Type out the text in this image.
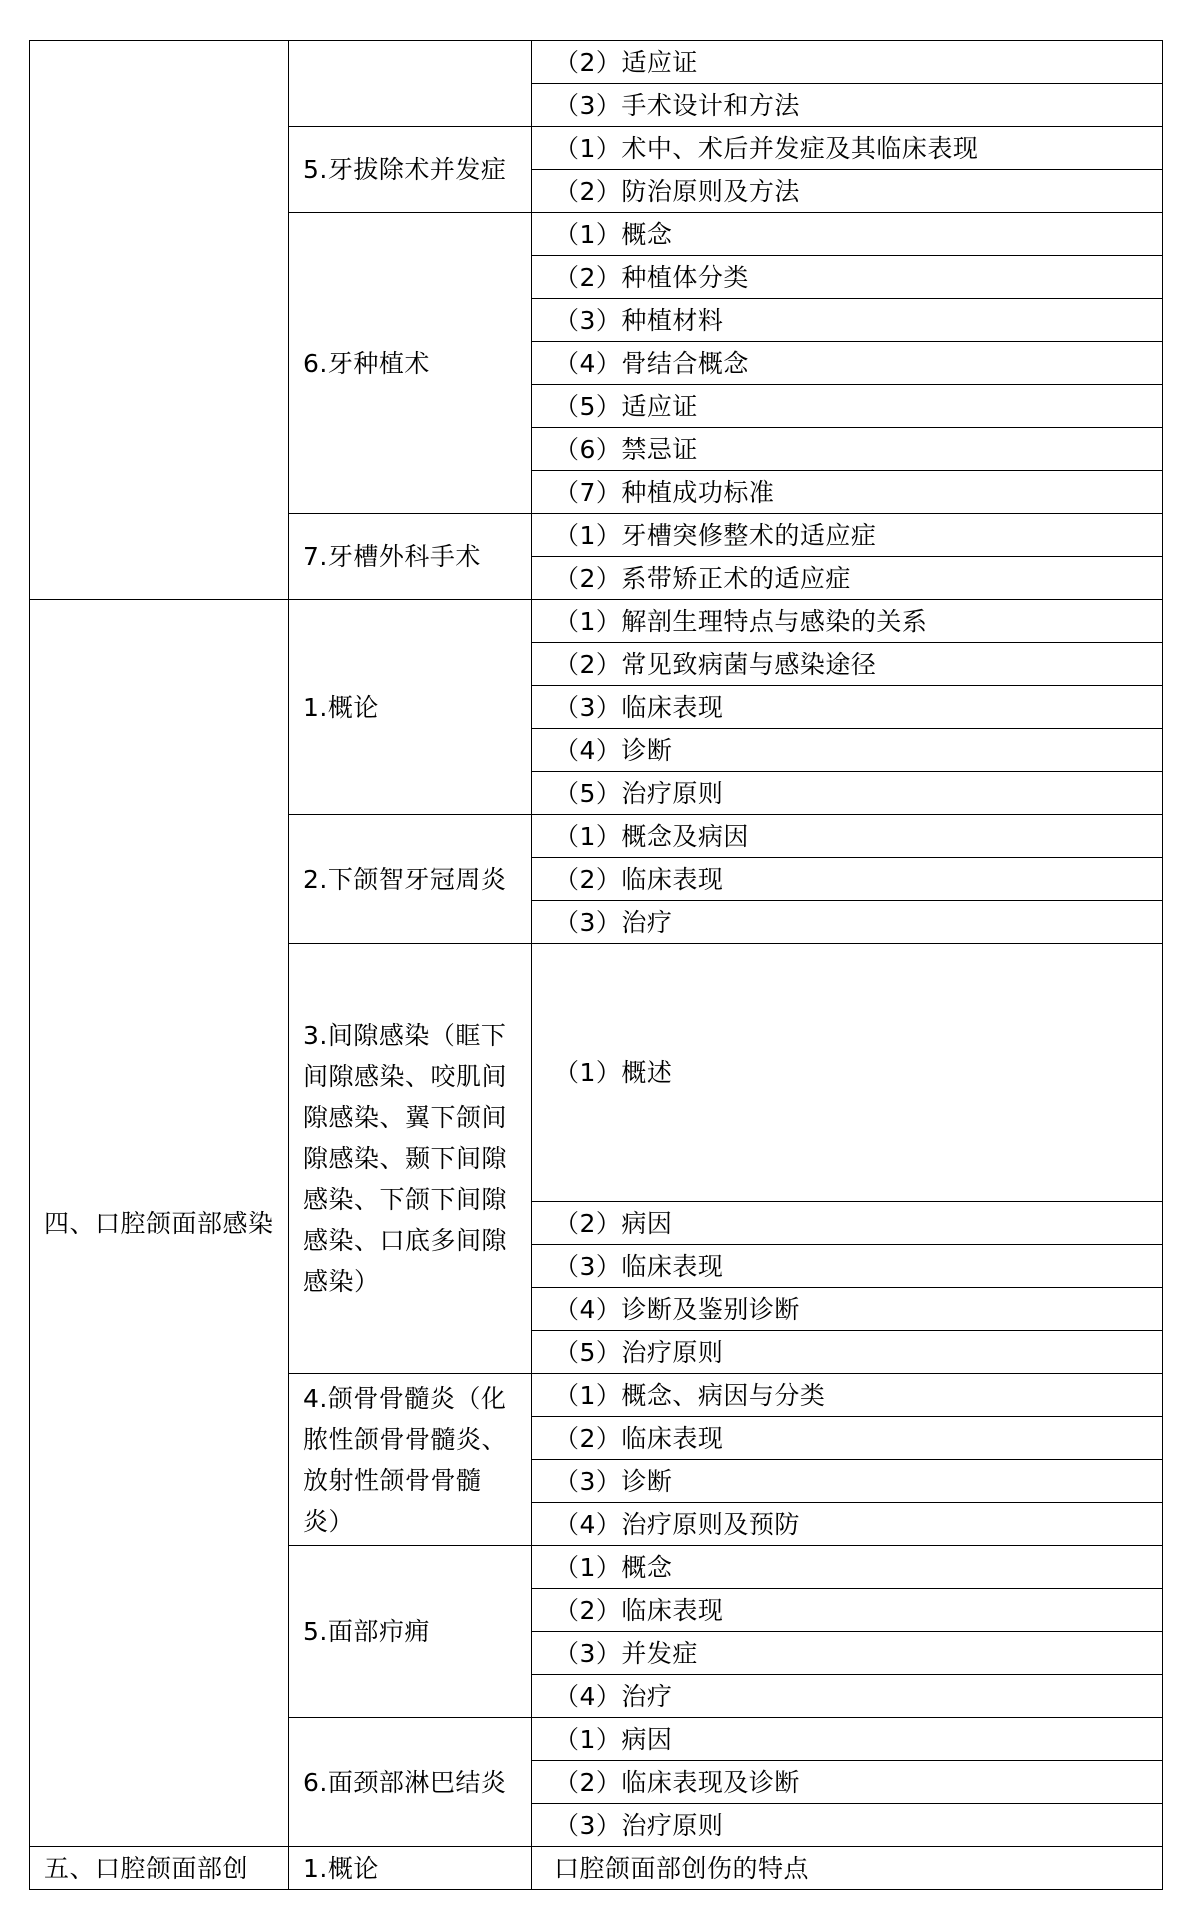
		（2）适应证
		（3）手术设计和方法
	5.牙拔除术并发症	（1）术中、术后并发症及其临床表现
		（2）防治原则及方法
	6.牙种植术	（1）概念
		（2）种植体分类
		（3）种植材料
		（4）骨结合概念
		（5）适应证
		（6）禁忌证
		（7）种植成功标准
	7.牙槽外科手术	（1）牙槽突修整术的适应症
		（2）系带矫正术的适应症
四、口腔颌面部感染	1.概论	（1）解剖生理特点与感染的关系
		（2）常见致病菌与感染途径
		（3）临床表现
		（4）诊断
		（5）治疗原则
	2.下颌智牙冠周炎	（1）概念及病因
		（2）临床表现
		（3）治疗
	3.间隙感染（眶下间隙感染、咬肌间隙感染、翼下颌间隙感染、颞下间隙感染、下颌下间隙感染、口底多间隙感染）	（1）概述
		（2）病因
		（3）临床表现
		（4）诊断及鉴别诊断
		（5）治疗原则
	4.颌骨骨髓炎（化脓性颌骨骨髓炎、放射性颌骨骨髓炎）	（1）概念、病因与分类
		（2）临床表现
		（3）诊断
		（4）治疗原则及预防
	5.面部疖痈	（1）概念
		（2）临床表现
		（3）并发症
		（4）治疗
	6.面颈部淋巴结炎	（1）病因
		（2）临床表现及诊断
		（3）治疗原则
五、口腔颌面部创	1.概论	口腔颌面部创伤的特点
